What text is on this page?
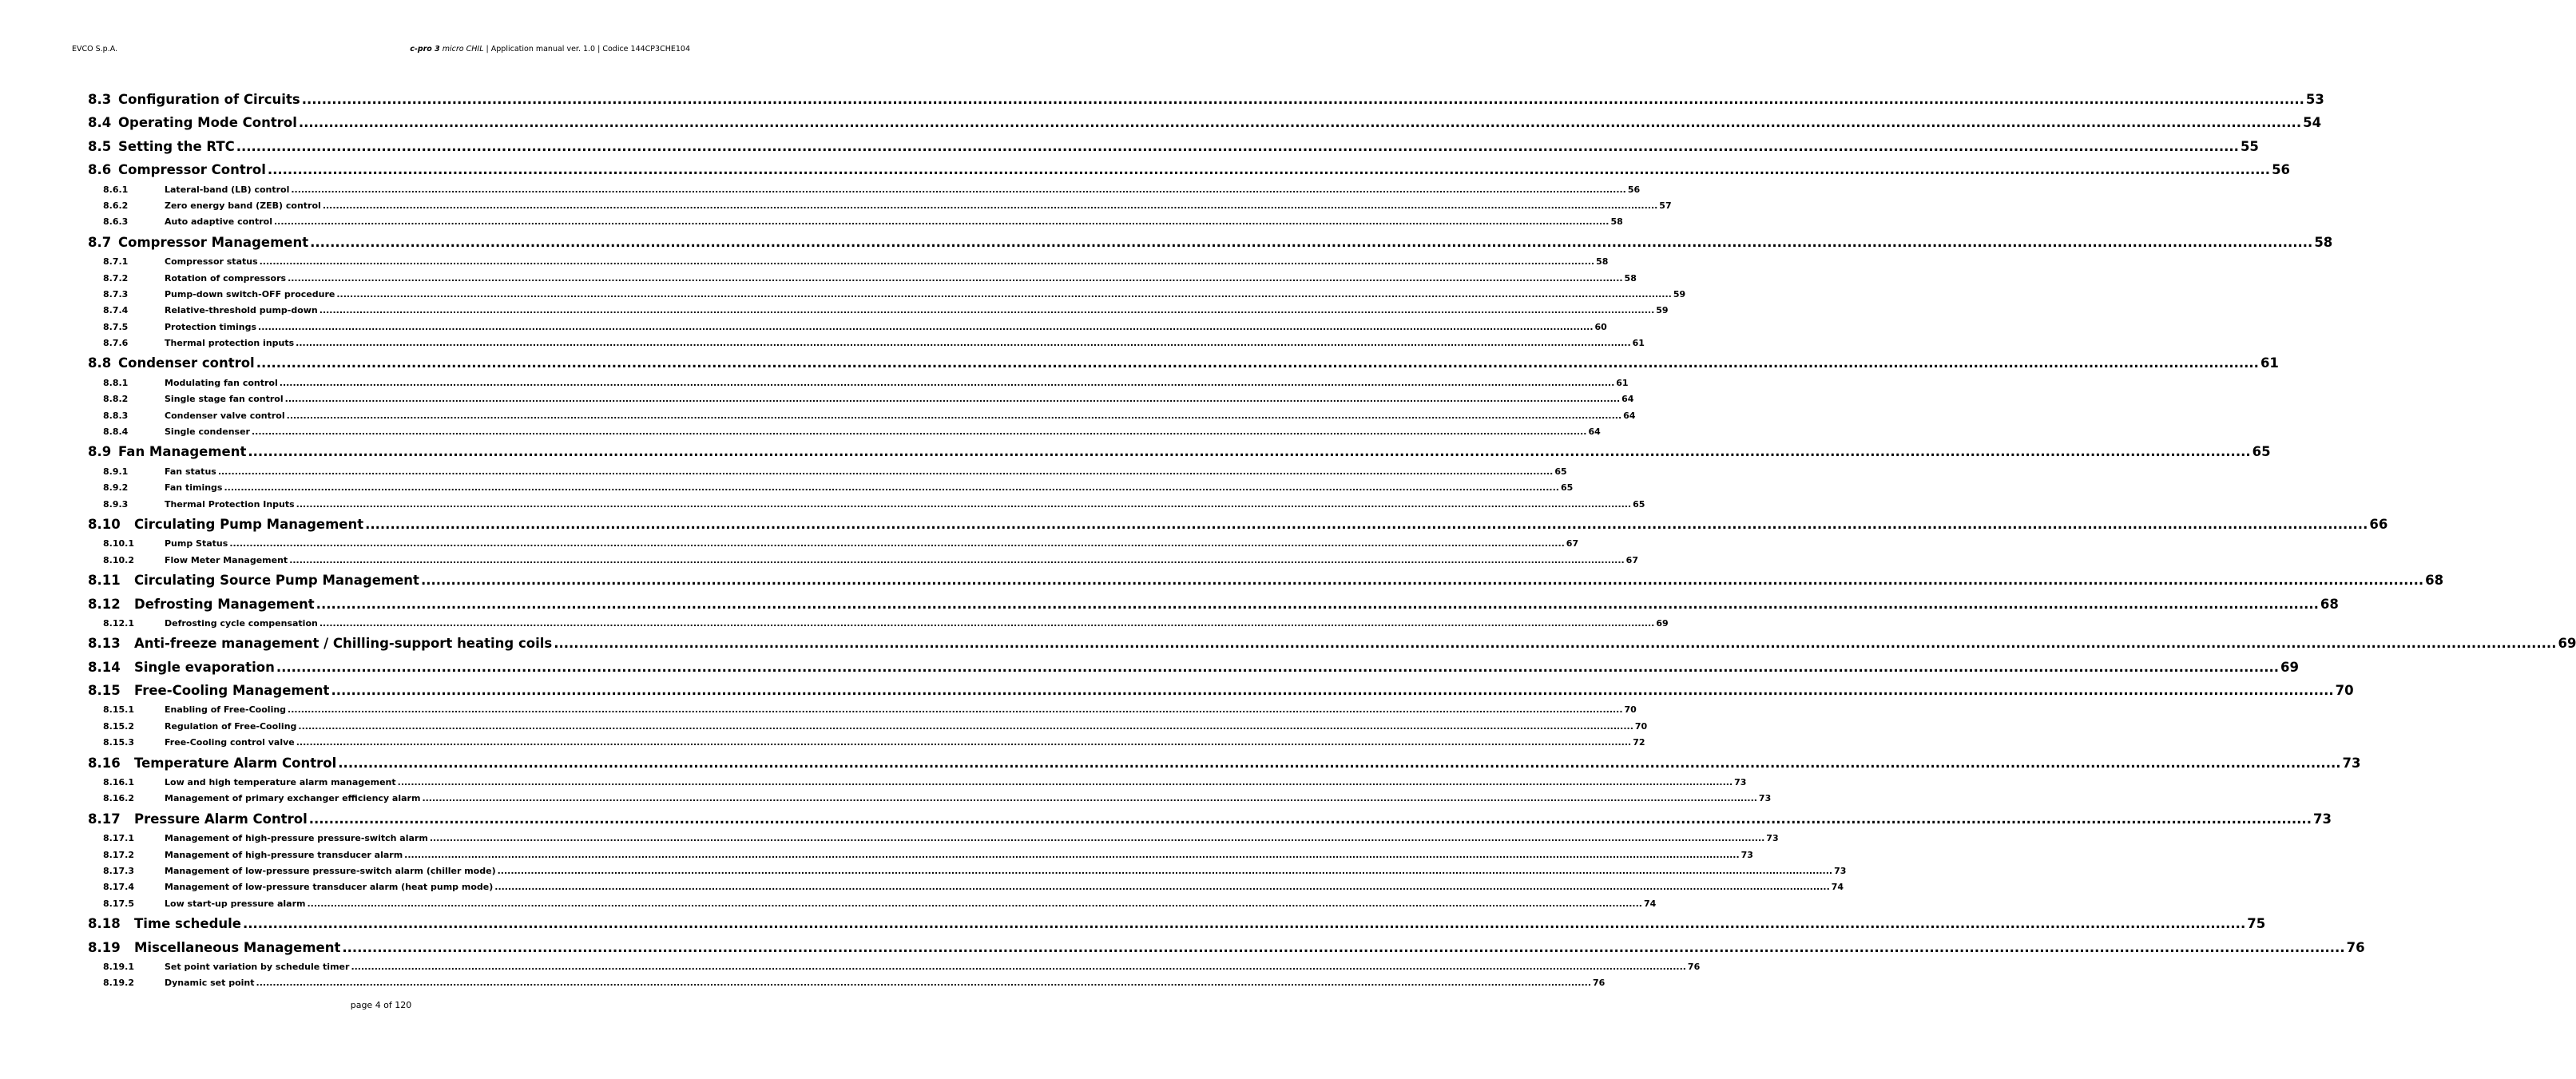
EVCO S.p.A.	c-pro 3 micro CHIL | Application manual ver. 1.0 | Codice 144CP3CHE104
8.3 Configuration of Circuits ................................................................................................................................................................................................................................................................................................................................................................................................................ 53
8.4 Operating Mode Control ................................................................................................................................................................................................................................................................................................................................................................................................................ 54
8.5 Setting the RTC ................................................................................................................................................................................................................................................................................................................................................................................................................ 55
8.6 Compressor Control ................................................................................................................................................................................................................................................................................................................................................................................................................ 56
8.6.1	Lateral-band (LB) control ................................................................................................................................................................................................................................................................................................................................................................................................................ 56
8.6.2	Zero energy band (ZEB) control ................................................................................................................................................................................................................................................................................................................................................................................................................ 57
8.6.3	Auto adaptive control ................................................................................................................................................................................................................................................................................................................................................................................................................ 58
8.7 Compressor Management ................................................................................................................................................................................................................................................................................................................................................................................................................ 58
8.7.1	Compressor status ................................................................................................................................................................................................................................................................................................................................................................................................................ 58
8.7.2	Rotation of compressors ................................................................................................................................................................................................................................................................................................................................................................................................................ 58
8.7.3	Pump-down switch-OFF procedure ................................................................................................................................................................................................................................................................................................................................................................................................................ 59
8.7.4	Relative-threshold pump-down ................................................................................................................................................................................................................................................................................................................................................................................................................ 59
8.7.5	Protection timings ................................................................................................................................................................................................................................................................................................................................................................................................................ 60
8.7.6	Thermal protection inputs ................................................................................................................................................................................................................................................................................................................................................................................................................ 61
8.8 Condenser control ................................................................................................................................................................................................................................................................................................................................................................................................................ 61
8.8.1	Modulating fan control ................................................................................................................................................................................................................................................................................................................................................................................................................ 61
8.8.2	Single stage fan control ................................................................................................................................................................................................................................................................................................................................................................................................................ 64
8.8.3	Condenser valve control ................................................................................................................................................................................................................................................................................................................................................................................................................ 64
8.8.4	Single condenser ................................................................................................................................................................................................................................................................................................................................................................................................................ 64
8.9 Fan Management ................................................................................................................................................................................................................................................................................................................................................................................................................ 65
8.9.1	Fan status ................................................................................................................................................................................................................................................................................................................................................................................................................ 65
8.9.2	Fan timings ................................................................................................................................................................................................................................................................................................................................................................................................................ 65
8.9.3	Thermal Protection Inputs ................................................................................................................................................................................................................................................................................................................................................................................................................ 65
8.10	Circulating Pump Management ................................................................................................................................................................................................................................................................................................................................................................................................................ 66
8.10.1	Pump Status ................................................................................................................................................................................................................................................................................................................................................................................................................ 67
8.10.2	Flow Meter Management ................................................................................................................................................................................................................................................................................................................................................................................................................ 67
8.11	Circulating Source Pump Management ................................................................................................................................................................................................................................................................................................................................................................................................................ 68
8.12	Defrosting Management ................................................................................................................................................................................................................................................................................................................................................................................................................ 68
8.12.1	Defrosting cycle compensation ................................................................................................................................................................................................................................................................................................................................................................................................................ 69
8.13	Anti-freeze management / Chilling-support heating coils ................................................................................................................................................................................................................................................................................................................................................................................................................ 69
8.14	Single evaporation ................................................................................................................................................................................................................................................................................................................................................................................................................ 69
8.15	Free-Cooling Management ................................................................................................................................................................................................................................................................................................................................................................................................................ 70
8.15.1	Enabling of Free-Cooling ................................................................................................................................................................................................................................................................................................................................................................................................................ 70
8.15.2	Regulation of Free-Cooling ................................................................................................................................................................................................................................................................................................................................................................................................................ 70
8.15.3	Free-Cooling control valve ................................................................................................................................................................................................................................................................................................................................................................................................................ 72
8.16	Temperature Alarm Control ................................................................................................................................................................................................................................................................................................................................................................................................................ 73
8.16.1	Low and high temperature alarm management ................................................................................................................................................................................................................................................................................................................................................................................................................ 73
8.16.2	Management of primary exchanger efficiency alarm ................................................................................................................................................................................................................................................................................................................................................................................................................ 73
8.17	Pressure Alarm Control ................................................................................................................................................................................................................................................................................................................................................................................................................ 73
8.17.1	Management of high-pressure pressure-switch alarm ................................................................................................................................................................................................................................................................................................................................................................................................................ 73
8.17.2	Management of high-pressure transducer alarm ................................................................................................................................................................................................................................................................................................................................................................................................................ 73
8.17.3	Management of low-pressure pressure-switch alarm (chiller mode) ................................................................................................................................................................................................................................................................................................................................................................................................................ 73
8.17.4	Management of low-pressure transducer alarm (heat pump mode) ................................................................................................................................................................................................................................................................................................................................................................................................................ 74
8.17.5	Low start-up pressure alarm ................................................................................................................................................................................................................................................................................................................................................................................................................ 74
8.18	Time schedule ................................................................................................................................................................................................................................................................................................................................................................................................................ 75
8.19	Miscellaneous Management ................................................................................................................................................................................................................................................................................................................................................................................................................ 76
8.19.1	Set point variation by schedule timer ................................................................................................................................................................................................................................................................................................................................................................................................................ 76
8.19.2	Dynamic set point ................................................................................................................................................................................................................................................................................................................................................................................................................ 76
page 4 of 120
